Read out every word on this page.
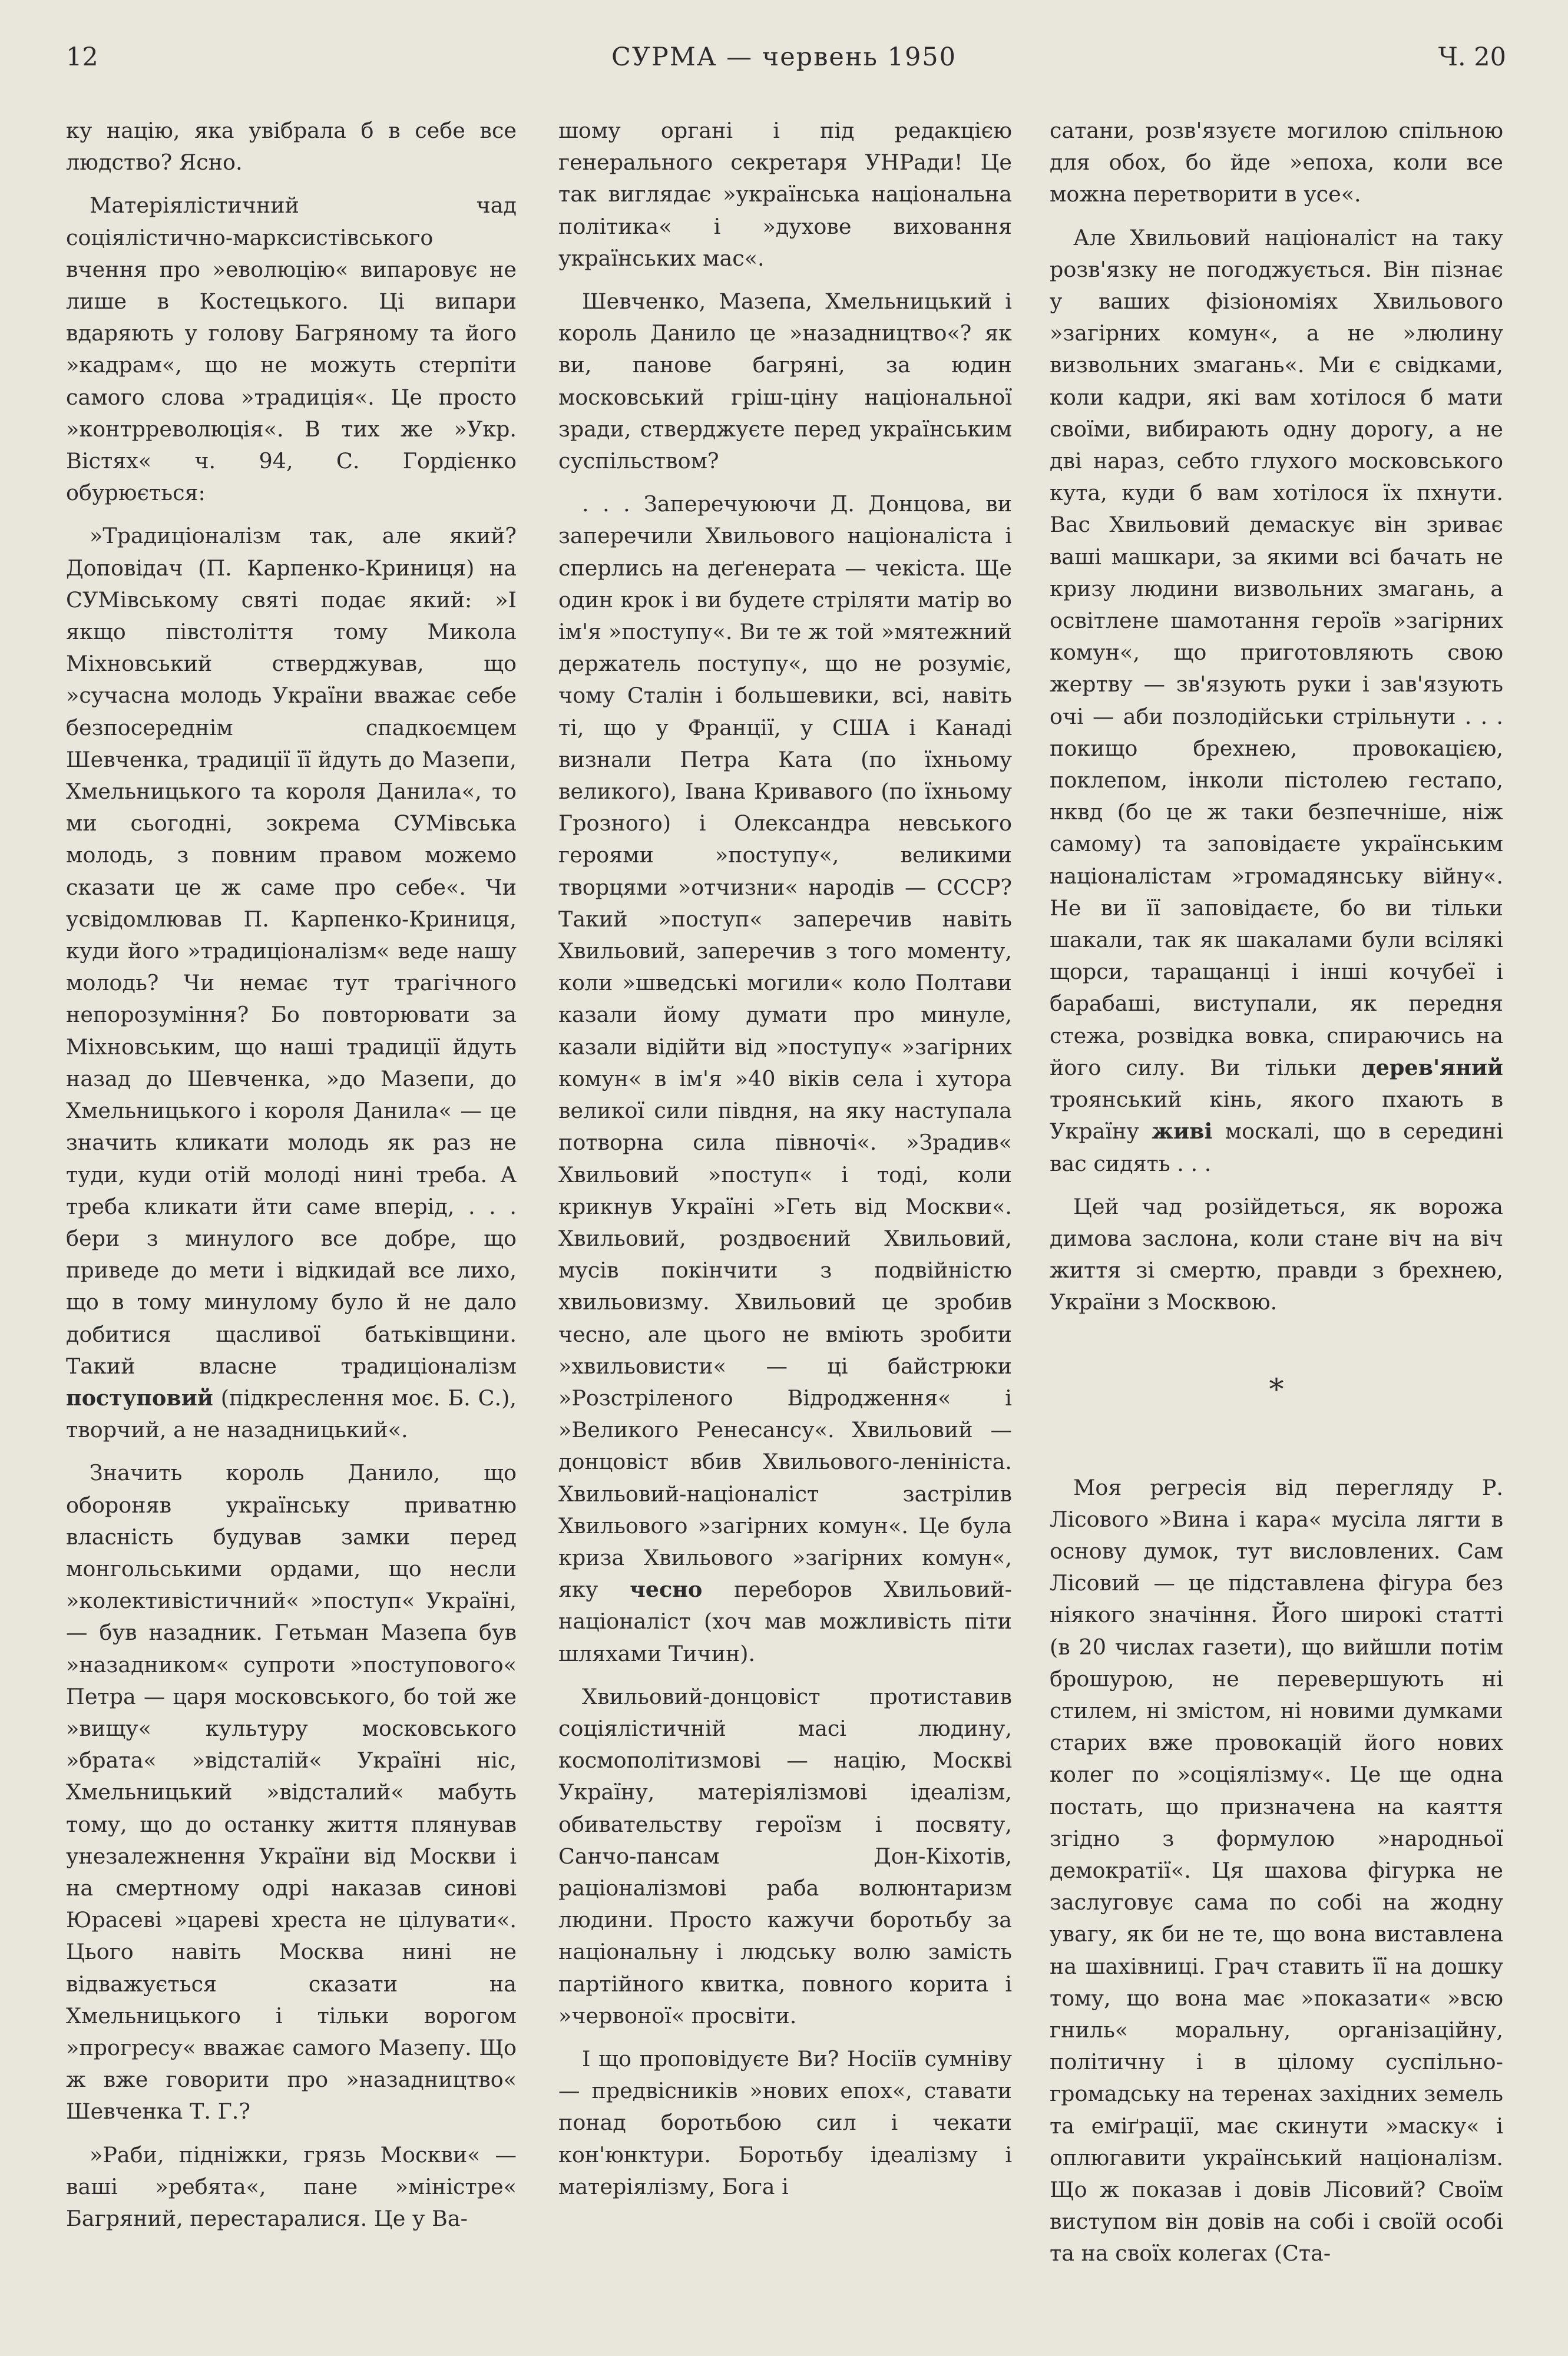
12	СУРМА — червень 1950	Ч. 20

ку націю, яка увібрала б в себе все людство? Ясно.

Матеріялістичний чад соціялістично-марксистівського вчення про »еволюцію« випаровує не лише в Костецького. Ці випари вдаряють у голову Багряному та його »кадрам«, що не можуть стерпіти самого слова »традиція«. Це просто »контрреволюція«. В тих же »Укр. Вістях« ч. 94, С. Гордієнко обурюється:

»Традиціоналізм так, але який? Доповідач (П. Карпенко-Криниця) на СУМівському святі подає який: »І якщо півстоліття тому Микола Міхновський стверджував, що »сучасна молодь України вважає себе безпосереднім спадкоємцем Шевченка, традиції її йдуть до Мазепи, Хмельницького та короля Данила«, то ми сьогодні, зокрема СУМівська молодь, з повним правом можемо сказати це ж саме про себе«. Чи усвідомлював П. Карпенко-Криниця, куди його »традиціоналізм« веде нашу молодь? Чи немає тут трагічного непорозуміння? Бо повторювати за Міхновським, що наші традиції йдуть назад до Шевченка, »до Мазепи, до Хмельницького і короля Данила« — це значить кликати молодь як раз не туди, куди отій молоді нині треба. А треба кликати йти саме вперід, . . . бери з минулого все добре, що приведе до мети і відкидай все лихо, що в тому минулому було й не дало добитися щасливої батьківщини. Такий власне традиціоналізм поступовий (підкреслення моє. Б. С.), творчий, а не назадницький«.

Значить король Данило, що обороняв українську приватню власність будував замки перед монгольськими ордами, що несли »колективістичний« »поступ« Україні, — був назадник. Гетьман Мазепа був »назадником« супроти »поступового« Петра — царя московського, бо той же »вищу« культуру московського »брата« »відсталій« Україні ніс, Хмельницький »відсталий« мабуть тому, що до останку життя плянував унезалежнення України від Москви і на смертному одрі наказав синові Юрасеві »цареві хреста не цілувати«. Цього навіть Москва нині не відважується сказати на Хмельницького і тільки ворогом »прогресу« вважає самого Мазепу. Що ж вже говорити про »назадництво« Шевченка Т. Г.?

»Раби, підніжки, грязь Москви« — ваші »ребята«, пане »міністре« Багряний, перестаралися. Це у Ва-

шому органі і під редакцією генерального секретаря УНРади! Це так виглядає »українська національна політика« і »духове виховання українських мас«.

Шевченко, Мазепа, Хмельницький і король Данило це »назадництво«? як ви, панове багряні, за юдин московський гріш-ціну національної зради, стверджуєте перед українським суспільством?

. . . Заперечуюючи Д. Донцова, ви заперечили Хвильового націоналіста і сперлись на деґенерата — чекіста. Ще один крок і ви будете стріляти матір во ім'я »поступу«. Ви те ж той »мятежний держатель поступу«, що не розуміє, чому Сталін і большевики, всі, навіть ті, що у Франції, у США і Канаді визнали Петра Ката (по їхньому великого), Івана Кривавого (по їхньому Грозного) і Олександра невського героями »поступу«, великими творцями »отчизни« народів — СССР? Такий »поступ« заперечив навіть Хвильовий, заперечив з того моменту, коли »шведські могили« коло Полтави казали йому думати про минуле, казали відійти від »поступу« »загірних комун« в ім'я »40 віків села і хутора великої сили півдня, на яку наступала потворна сила півночі«. »Зрадив« Хвильовий »поступ« і тоді, коли крикнув Україні »Геть від Москви«. Хвильовий, роздвоєний Хвильовий, мусів покінчити з подвійністю хвильовизму. Хвильовий це зробив чесно, але цього не вміють зробити »хвильовисти« — ці байстрюки »Розстріленого Відродження« і »Великого Ренесансу«. Хвильовий — донцовіст вбив Хвильового-ленініста. Хвильовий-націоналіст застрілив Хвильового »загірних комун«. Це була криза Хвильового »загірних комун«, яку чесно переборов Хвильовий-націоналіст (хоч мав можливість піти шляхами Тичин).

Хвильовий-донцовіст протиставив соціялістичній масі людину, космополітизмові — націю, Москві Україну, матеріялізмові ідеалізм, обивательству героїзм і посвяту, Санчо-пансам Дон-Кіхотів, раціоналізмові раба волюнтаризм людини. Просто кажучи боротьбу за національну і людську волю замість партійного квитка, повного корита і »червоної« просвіти.

І що проповідуєте Ви? Носіїв сумніву — предвісників »нових епох«, ставати понад боротьбою сил і чекати кон'юнктури. Боротьбу ідеалізму і матеріялізму, Бога і

сатани, розв'язуєте могилою спільною для обох, бо йде »епоха, коли все можна перетворити в усе«.

Але Хвильовий націоналіст на таку розв'язку не погоджується. Він пізнає у ваших фізіономіях Хвильового »загірних комун«, а не »люлину визвольних змагань«. Ми є свідками, коли кадри, які вам хотілося б мати своїми, вибирають одну дорогу, а не дві нараз, себто глухого московського кута, куди б вам хотілося їх пхнути. Вас Хвильовий демаскує він зриває ваші машкари, за якими всі бачать не кризу людини визвольних змагань, а освітлене шамотання героїв »загірних комун«, що приготовляють свою жертву — зв'язують руки і зав'язують очі — аби позлодійськи стрільнути . . . покищо брехнею, провокацією, поклепом, інколи пістолею гестапо, нквд (бо це ж таки безпечніше, ніж самому) та заповідаєте українським націоналістам »громадянську війну«. Не ви її заповідаєте, бо ви тільки шакали, так як шакалами були всілякі щорси, таращанці і інші кочубеї і барабаші, виступали, як передня стежа, розвідка вовка, спираючись на його силу. Ви тільки дерев'яний троянський кінь, якого пхають в Україну живі москалі, що в середині вас сидять . . .

Цей чад розійдеться, як ворожа димова заслона, коли стане віч на віч життя зі смертю, правди з брехнею, України з Москвою.

*

Моя регресія від перегляду Р. Лісового »Вина і кара« мусіла лягти в основу думок, тут висловлених. Сам Лісовий — це підставлена фігура без ніякого значіння. Його широкі статті (в 20 числах газети), що вийшли потім брошурою, не перевершують ні стилем, ні змістом, ні новими думками старих вже провокацій його нових колег по »соціялізму«. Це ще одна постать, що призначена на каяття згідно з формулою »народньої демократії«. Ця шахова фігурка не заслуговує сама по собі на жодну увагу, як би не те, що вона виставлена на шахівниці. Грач ставить її на дошку тому, що вона має »показати« »всю гниль« моральну, організаційну, політичну і в цілому суспільно-громадську на теренах західних земель та еміґрації, має скинути »маску« і оплюгавити український націоналізм. Що ж показав і довів Лісовий? Своїм виступом він довів на собі і своїй особі та на своїх колегах (Ста-
